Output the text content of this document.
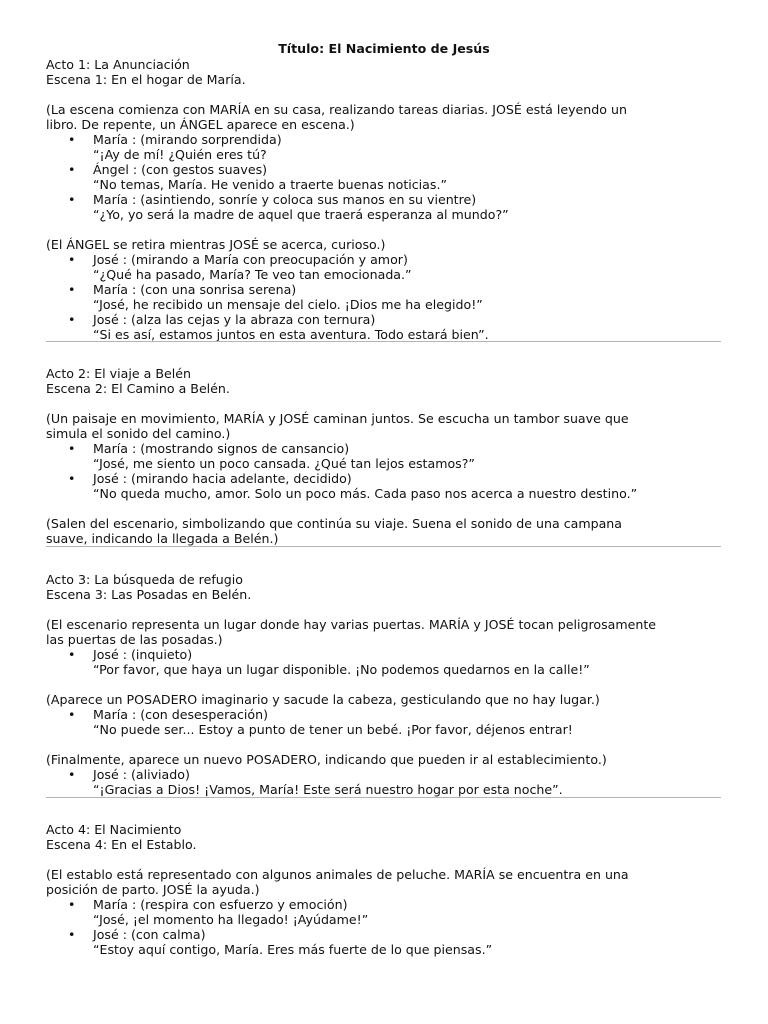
Título: El Nacimiento de Jesús
Acto 1: La Anunciación
Escena 1: En el hogar de María.
(La escena comienza con MARÍA en su casa, realizando tareas diarias. JOSÉ está leyendo un
libro. De repente, un ÁNGEL aparece en escena.)
•	María : (mirando sorprendida)
“¡Ay de mí! ¿Quién eres tú?
•	Ángel : (con gestos suaves)
“No temas, María. He venido a traerte buenas noticias.”
•	María : (asintiendo, sonríe y coloca sus manos en su vientre)
“¿Yo, yo será la madre de aquel que traerá esperanza al mundo?”
(El ÁNGEL se retira mientras JOSÉ se acerca, curioso.)
•	José : (mirando a María con preocupación y amor)
“¿Qué ha pasado, María? Te veo tan emocionada.”
•	María : (con una sonrisa serena)
“José, he recibido un mensaje del cielo. ¡Dios me ha elegido!”
•	José : (alza las cejas y la abraza con ternura)
“Si es así, estamos juntos en esta aventura. Todo estará bien”.
Acto 2: El viaje a Belén
Escena 2: El Camino a Belén.
(Un paisaje en movimiento, MARÍA y JOSÉ caminan juntos. Se escucha un tambor suave que
simula el sonido del camino.)
•	María : (mostrando signos de cansancio)
“José, me siento un poco cansada. ¿Qué tan lejos estamos?”
•	José : (mirando hacia adelante, decidido)
“No queda mucho, amor. Solo un poco más. Cada paso nos acerca a nuestro destino.”
(Salen del escenario, simbolizando que continúa su viaje. Suena el sonido de una campana
suave, indicando la llegada a Belén.)
Acto 3: La búsqueda de refugio
Escena 3: Las Posadas en Belén.
(El escenario representa un lugar donde hay varias puertas. MARÍA y JOSÉ tocan peligrosamente
las puertas de las posadas.)
•	José : (inquieto)
“Por favor, que haya un lugar disponible. ¡No podemos quedarnos en la calle!”
(Aparece un POSADERO imaginario y sacude la cabeza, gesticulando que no hay lugar.)
•	María : (con desesperación)
“No puede ser... Estoy a punto de tener un bebé. ¡Por favor, déjenos entrar!
(Finalmente, aparece un nuevo POSADERO, indicando que pueden ir al establecimiento.)
•	José : (aliviado)
“¡Gracias a Dios! ¡Vamos, María! Este será nuestro hogar por esta noche”.
Acto 4: El Nacimiento
Escena 4: En el Establo.
(El establo está representado con algunos animales de peluche. MARÍA se encuentra en una
posición de parto. JOSÉ la ayuda.)
•	María : (respira con esfuerzo y emoción)
“José, ¡el momento ha llegado! ¡Ayúdame!”
•	José : (con calma)
“Estoy aquí contigo, María. Eres más fuerte de lo que piensas.”
